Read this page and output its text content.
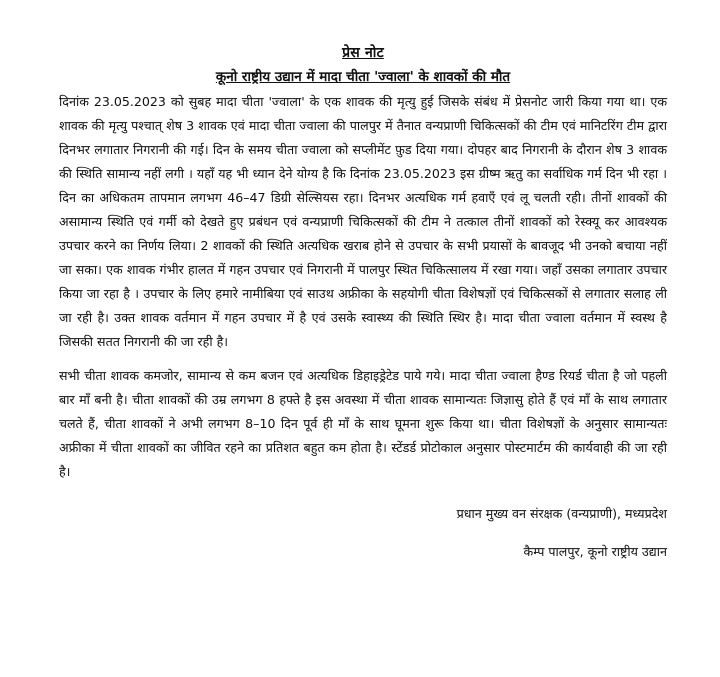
प्रेस नोट
कूनो राष्ट्रीय उद्यान में मादा चीता 'ज्वाला' के शावकों की मौत

दिनांक 23.05.2023 को सुबह मादा चीता 'ज्वाला' के एक शावक की मृत्यु हुई जिसके संबंध में प्रेसनोट जारी किया गया था। एक शावक की मृत्यु पश्चात् शेष 3 शावक एवं मादा चीता ज्वाला की पालपुर में तैनात वन्यप्राणी चिकित्सकों की टीम एवं मानिटरिंग टीम द्वारा दिनभर लगातार निगरानी की गई। दिन के समय चीता ज्वाला को सप्लीमेंट फ़ुड दिया गया। दोपहर बाद निगरानी के दौरान शेष 3 शावक की स्थिति सामान्य नहीं लगी । यहाँ यह भी ध्यान देने योग्य है कि दिनांक 23.05.2023 इस ग्रीष्म ऋतु का सर्वाधिक गर्म दिन भी रहा । दिन का अधिकतम तापमान लगभग 46–47 डिग्री सेल्सियस रहा। दिनभर अत्यधिक गर्म हवाएँ एवं लू चलती रही। तीनों शावकों की असामान्य स्थिति एवं गर्मी को देखते हुए प्रबंधन एवं वन्यप्राणी चिकित्सकों की टीम ने तत्काल तीनों शावकों को रेस्क्यू कर आवश्यक उपचार करने का निर्णय लिया। 2 शावकों की स्थिति अत्यधिक खराब होने से उपचार के सभी प्रयासों के बावजूद भी उनको बचाया नहीं जा सका। एक शावक गंभीर हालत में गहन उपचार एवं निगरानी में पालपुर स्थित चिकित्सालय में रखा गया। जहाँ उसका लगातार उपचार किया जा रहा है । उपचार के लिए हमारे नामीबिया एवं साउथ अफ्रीका के सहयोगी चीता विशेषज्ञों एवं चिकित्सकों से लगातार सलाह ली जा रही है। उक्त शावक वर्तमान में गहन उपचार में है एवं उसके स्वास्थ्य की स्थिति स्थिर है। मादा चीता ज्वाला वर्तमान में स्वस्थ है जिसकी सतत निगरानी की जा रही है।

सभी चीता शावक कमजोर, सामान्य से कम बजन एवं अत्यधिक डिहाइड्रेटेड पाये गये। मादा चीता ज्वाला हैण्ड रियर्ड चीता है जो पहली बार माँ बनी है। चीता शावकों की उम्र लगभग 8 हफ्ते है इस अवस्था में चीता शावक सामान्यतः जिज्ञासु होते हैं एवं माँ के साथ लगातार चलते हैं, चीता शावकों ने अभी लगभग 8–10 दिन पूर्व ही माँ के साथ घूमना शुरू किया था। चीता विशेषज्ञों के अनुसार सामान्यतः अफ्रीका में चीता शावकों का जीवित रहने का प्रतिशत बहुत कम होता है। स्टेंडर्ड प्रोटोकाल अनुसार पोस्टमार्टम की कार्यवाही की जा रही है।

प्रधान मुख्य वन संरक्षक (वन्यप्राणी), मध्यप्रदेश

कैम्प पालपुर, कूनो राष्ट्रीय उद्यान
